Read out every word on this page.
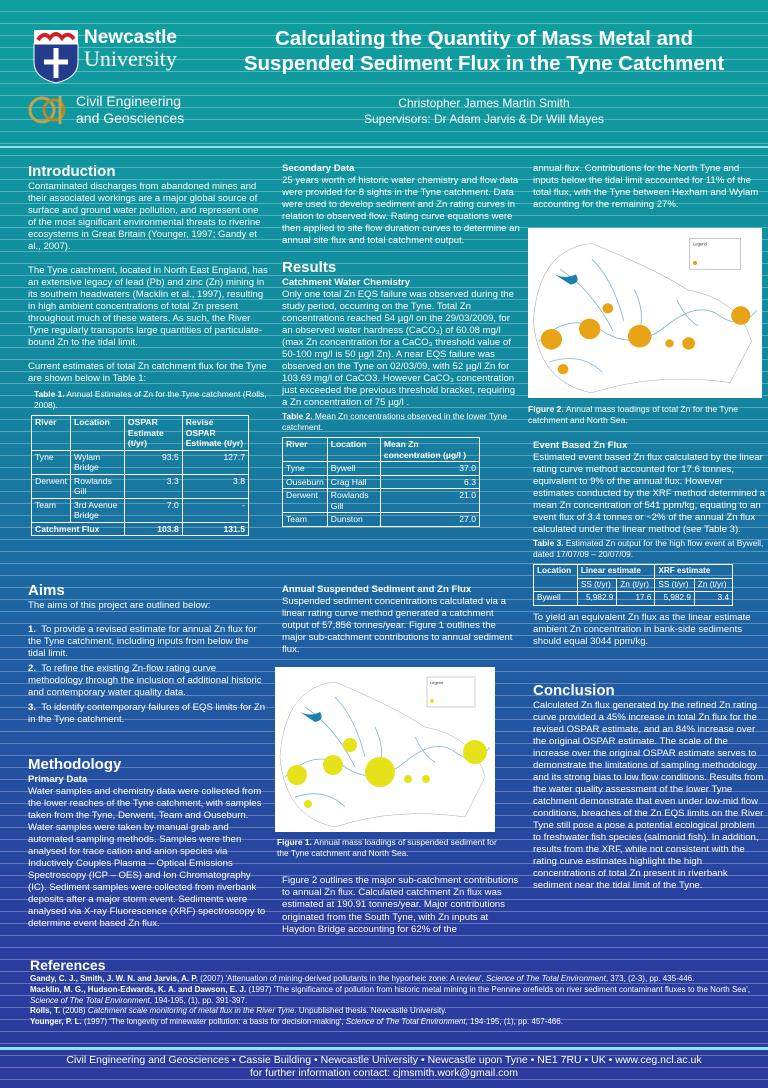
Newcastle
University
Civil Engineering
and Geosciences
Calculating the Quantity of Mass Metal and
Suspended Sediment Flux in the Tyne Catchment
Christopher James Martin Smith
Supervisors: Dr Adam Jarvis & Dr Will Mayes
Introduction

Contaminated discharges from abandoned mines and their associated workings are a major global source of surface and ground water pollution, and represent one of the most significant environmental threats to riverine ecosystems in Great Britain (Younger, 1997; Gandy et al., 2007).

The Tyne catchment, located in North East England, has an extensive legacy of lead (Pb) and zinc (Zn) mining in its southern headwaters (Macklin et al., 1997), resulting in high ambient concentrations of total Zn present throughout much of these waters. As such, the River Tyne regularly transports large quantities of particulate-bound Zn to the tidal limit.

Current estimates of total Zn catchment flux for the Tyne are shown below in Table 1:

Table 1. Annual Estimates of Zn for the Tyne catchment (Rolls, 2008).
River	Location	OSPAR Estimate (t/yr)	Revise OSPAR Estimate (t/yr)
Tyne	Wylam Bridge	93.5	127.7
Derwent	Rowlands Gill	3.3	3.8
Team	3rd Avenue Bridge	7.0	-
Catchment Flux		103.8	131.5
Aims

The aims of this project are outlined below:

1. To provide a revised estimate for annual Zn flux for the Tyne catchment, including inputs from below the tidal limit.

2. To refine the existing Zn-flow rating curve methodology through the inclusion of additional historic and contemporary water quality data.

3. To identify contemporary failures of EQS limits for Zn in the Tyne catchment.

Methodology
Primary Data

Water samples and chemistry data were collected from the lower reaches of the Tyne catchment, with samples taken from the Tyne, Derwent, Team and Ouseburn. Water samples were taken by manual grab and automated sampling methods. Samples were then analysed for trace cation and anion species via Inductively Couples Plasma – Optical Emissions Spectroscopy (ICP – OES) and Ion Chromatography (IC). Sediment samples were collected from riverbank deposits after a major storm event. Sediments were analysed via X-ray Fluorescence (XRF) spectroscopy to determine event based Zn flux.

Secondary Data

25 years worth of historic water chemistry and flow data were provided for 8 sights in the Tyne catchment. Data were used to develop sediment and Zn rating curves in relation to observed flow. Rating curve equations were then applied to site flow duration curves to determine an annual site flux and total catchment output.

Results
Catchment Water Chemistry

Only one total Zn EQS failure was observed during the study period, occurring on the Tyne. Total Zn concentrations reached 54 µg/l on the 29/03/2009, for an observed water hardness (CaCO₃) of 60.08 mg/l (max Zn concentration for a CaCO₃ threshold value of 50-100 mg/l is 50 µg/l Zn). A near EQS failure was observed on the Tyne on 02/03/09, with 52 µg/l Zn for 103.69 mg/l of CaCO3. However CaCO₃ concentration just exceeded the previous threshold bracket, requiring a Zn concentration of 75 µg/l .

Table 2. Mean Zn concentrations observed in the lower Tyne catchment.
River	Location	Mean Zn concentration (µg/l )
Tyne	Bywell	37.0
Ouseburn	Crag Hall	6.3
Derwent	Rowlands Gill	21.0
Team	Dunston	27.0
Annual Suspended Sediment and Zn Flux

Suspended sediment concentrations calculated via a linear rating curve method generated a catchment output of 57,856 tonnes/year. Figure 1 outlines the major sub-catchment contributions to annual sediment flux.

Legend
Figure 1. Annual mass loadings of suspended sediment for the Tyne catchment and North Sea.

Figure 2 outlines the major sub-catchment contributions to annual Zn flux. Calculated catchment Zn flux was estimated at 190.91 tonnes/year. Major contributions originated from the South Tyne, with Zn inputs at Haydon Bridge accounting for 62% of the

annual flux. Contributions for the North Tyne and inputs below the tidal limit accounted for 11% of the total flux, with the Tyne between Hexham and Wylam accounting for the remaining 27%.

Legend
Figure 2. Annual mass loadings of total Zn for the Tyne catchment and North Sea.
Event Based Zn Flux

Estimated event based Zn flux calculated by the linear rating curve method accounted for 17.6 tonnes, equivalent to 9% of the annual flux. However estimates conducted by the XRF method determined a mean Zn concentration of 541 ppm/kg, equating to an event flux of 3.4 tonnes or ~2% of the annual Zn flux calculated under the linear method (see Table 3).

Table 3. Estimated Zn output for the high flow event at Bywell, dated 17/07/09 – 20/07/09.
Location	Linear estimate		XRF estimate	
	SS (t/yr)	Zn (t/yr)	SS (t/yr)	Zn (t/yr)
Bywell	5,982.9	17.6	5,982.9	3.4

To yield an equivalent Zn flux as the linear estimate ambient Zn concentration in bank-side sediments should equal 3044 ppm/kg.

Conclusion

Calculated Zn flux generated by the refined Zn rating curve provided a 45% increase in total Zn flux for the revised OSPAR estimate, and an 84% increase over the original OSPAR estimate. The scale of the increase over the original OSPAR estimate serves to demonstrate the limitations of sampling methodology and its strong bias to low flow conditions. Results from the water quality assessment of the lower Tyne catchment demonstrate that even under low-mid flow conditions, breaches of the Zn EQS limits on the River Tyne still pose a pose a potential ecological problem to freshwater fish species (salmonid fish). In addition, results from the XRF, while not consistent with the rating curve estimates highlight the high concentrations of total Zn present in riverbank sediment near the tidal limit of the Tyne.

References
Gandy, C. J., Smith, J. W. N. and Jarvis, A. P. (2007) 'Attenuation of mining-derived pollutants in the hyporheic zone: A review', Science of The Total Environment, 373, (2-3), pp. 435-446.
Macklin, M. G., Hudson-Edwards, K. A. and Dawson, E. J. (1997) 'The significance of pollution from historic metal mining in the Pennine orefields on river sediment contaminant fluxes to the North Sea', Science of The Total Environment, 194-195, (1), pp. 391-397.
Rolls, T. (2008) Catchment scale monitoring of metal flux in the River Tyne. Unpublished thesis. Newcastle University.
Younger, P. L. (1997) 'The longevity of minewater pollution: a basis for decision-making', Science of The Total Environment, 194-195, (1), pp. 457-466.
Civil Engineering and Geosciences • Cassie Building • Newcastle University • Newcastle upon Tyne • NE1 7RU • UK • www.ceg.ncl.ac.uk
for further information contact: cjmsmith.work@gmail.com
